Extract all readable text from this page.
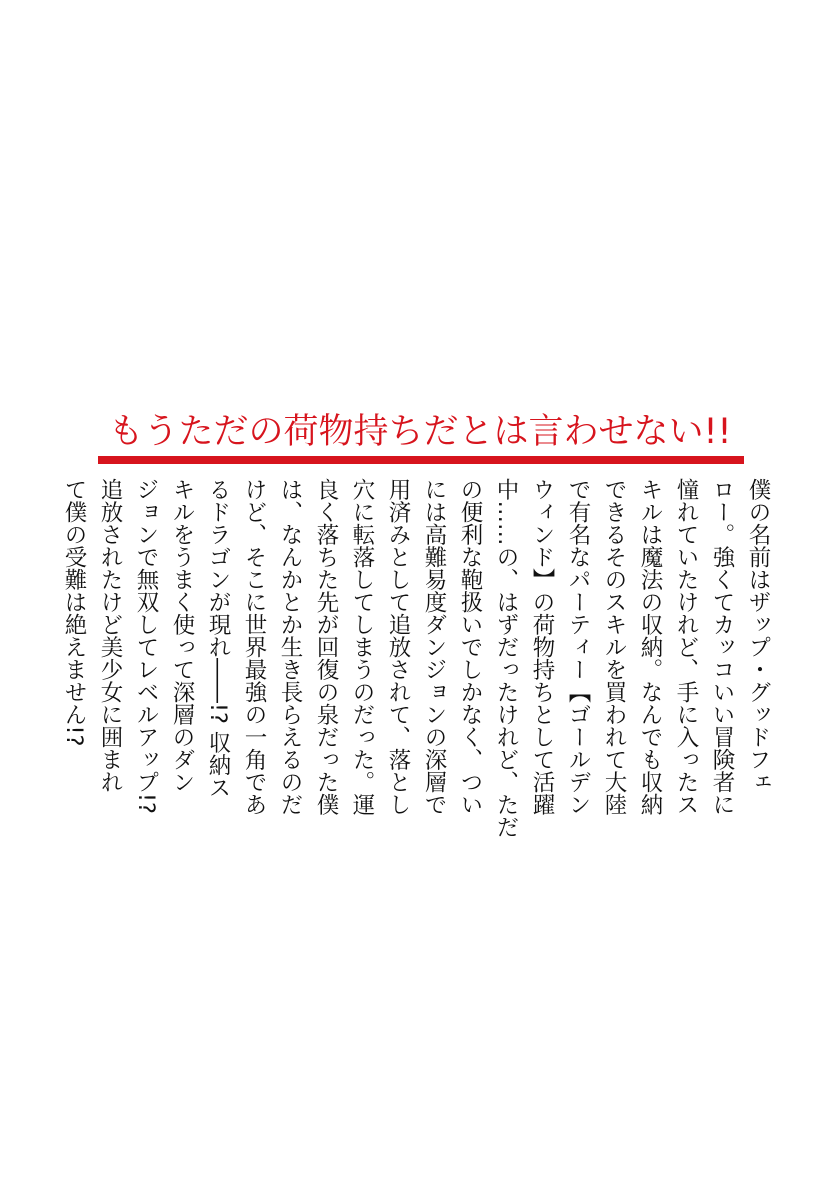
もうただの荷物持ちだとは言わせない!!
僕の名前はザップ・グッドフェ
ロー。強くてカッコいい冒険者に
憧れていたけれど、手に入ったス
キルは魔法の収納。なんでも収納
できるそのスキルを買われて大陸
で有名なパーティー【ゴールデン
ウィンド】の荷物持ちとして活躍
中……の、はずだったけれど、ただ
の便利な鞄扱いでしかなく、つい
には高難易度ダンジョンの深層で
用済みとして追放されて、落とし
穴に転落してしまうのだった。運
良く落ちた先が回復の泉だった僕
は、なんかとか生き長らえるのだ
けど、そこに世界最強の一角であ
るドラゴンが現れ――!? 収納ス
キルをうまく使って深層のダン
ジョンで無双してレベルアップ!?
追放されたけど美少女に囲まれ
て僕の受難は絶えません!?
